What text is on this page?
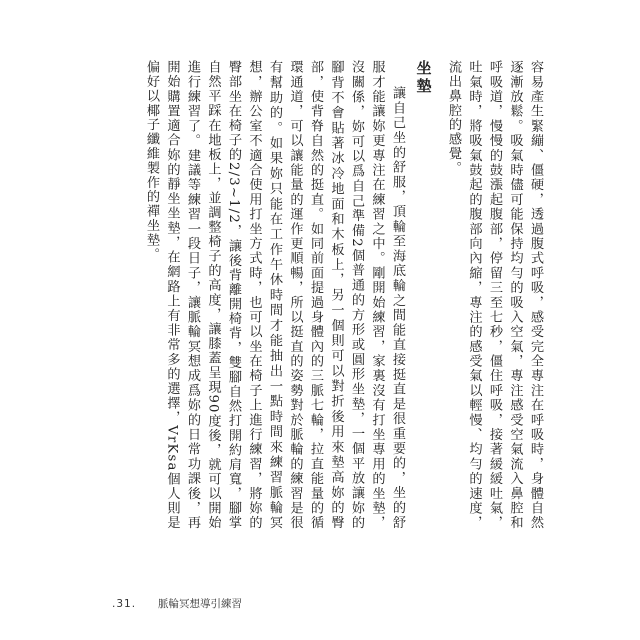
容易產生緊繃、僵硬，透過腹式呼吸，感受完全專注在呼吸時，身體自然逐漸放鬆。吸氣時儘可能保持均勻的吸入空氣，專注感受空氣流入鼻腔和呼吸道，慢慢的鼓漲起腹部，停留三至七秒，僵住呼吸，接著緩緩吐氣，吐氣時，將吸氣鼓起的腹部向內縮，專注的感受氣以輕慢、均勻的速度，流出鼻腔的感覺。

坐墊

讓自己坐的舒服，頂輪至海底輪之間能直接挺直是很重要的，坐的舒服才能讓妳更專注在練習之中。剛開始練習，家裏沒有打坐專用的坐墊，沒關係，妳可以爲自己準備2個普通的方形或圓形坐墊，一個平放讓妳的腳背不會貼著冰冷地面和木板上，另一個則可以對折後用來墊高妳的臀部，使背脊自然的挺直。如同前面提過身體內的三脈七輪，拉直能量的循環通道，可以讓能量的運作更順暢，所以挺直的姿勢對於脈輪的練習是很有幫助的。如果妳只能在工作午休時間才能抽出一點時間來練習脈輪冥想，辦公室不適合使用打坐方式時，也可以坐在椅子上進行練習，將妳的臀部坐在椅子的2/3~1/2，讓後背離開椅背，雙腳自然打開約肩寬，腳掌自然平踩在地板上，並調整椅子的高度，讓膝蓋呈現90度後，就可以開始進行練習了。建議等練習一段日子，讓脈輪冥想成爲妳的日常功課後，再開始購置適合妳的靜坐坐墊，在網路上有非常多的選擇，VrKsa個人則是偏好以椰子纖維製作的禪坐墊。

.31. 脈輪冥想導引練習
